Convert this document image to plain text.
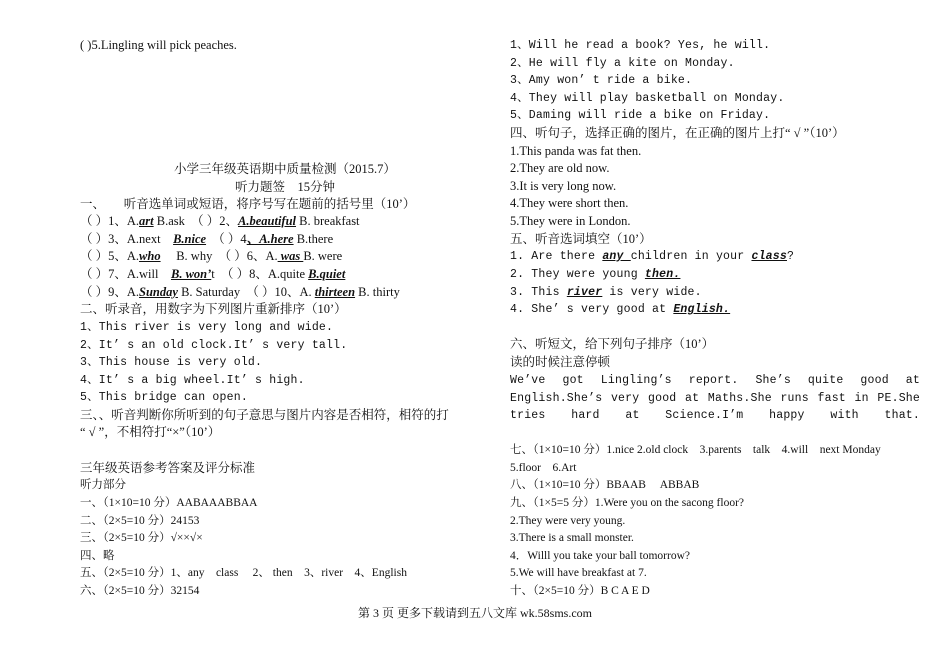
( )5.Lingling will pick peaches.
小学三年级英语期中质量检测（2015.7）
听力题签　15分钟
一、　　听音选单词或短语，将序号写在题前的括号里（10’）
（ ）1、A.art B.ask　（ ）2、A.beautiful B. breakfast
（ ）3、A.next　B.nice　（ ）4、A.here B.there
（ ）5、A.who　 B. why　（ ）6、A. was B. were
（ ）7、A.will　B. won’t　（ ）8、A.quite B.quiet
（ ）9、A.Sunday B. Saturday　（ ）10、A. thirteen B. thirty
二、听录音，用数字为下列图片重新排序（10’）
1、This river is very long and wide.
2、It’ s an old clock.It’ s very tall.
3、This house is very old.
4、It’ s a big wheel.It’ s high.
5、This bridge can open.
三、、听音判断你所听到的句子意思与图片内容是否相符，相符的打
“ √ ”，不相符打“×”（10’）
三年级英语参考答案及评分标准
听力部分
一、（1×10=10 分）AABAAABBAA
二、（2×5=10 分）24153
三、（2×5=10 分）√××√×
四、略
五、（2×5=10 分）1、any　class　 2、 then　3、river　4、English
六、（2×5=10 分）32154
1、Will he read a book? Yes, he will.
2、He will fly a kite on Monday.
3、Amy won’ t ride a bike.
4、They will play basketball on Monday.
5、Daming will ride a bike on Friday.
四、听句子，选择正确的图片，在正确的图片上打“ √ ”（10’）
1.This panda was fat then.
2.They are old now.
3.It is very long now.
4.They were short then.
5.They were in London.
五、听音选词填空（10’）
1. Are there any children in your class?
2. They were young then.
3. This river is very wide.
4. She’ s very good at English.
六、听短文，给下列句子排序（10’）
读的时候注意停顿
We’ve got Lingling’s report. She’s quite good at English.She’s very good at Maths.She runs fast in PE.She tries hard at Science.I’m happy with that.
七、（1×10=10 分）1.nice 2.old clock　3.parents　talk　4.will　next Monday
5.floor　6.Art
八、（1×10=10 分）BBAAB　 ABBAB
九、（1×5=5 分）1.Were you on the sacong floor?
2.They were very young.
3.There is a small monster.
4．Willl you take your ball tomorrow?
5.We will have breakfast at 7.
十、（2×5=10 分）B C A E D
第 3 页 更多下载请到五八文库 wk.58sms.com
